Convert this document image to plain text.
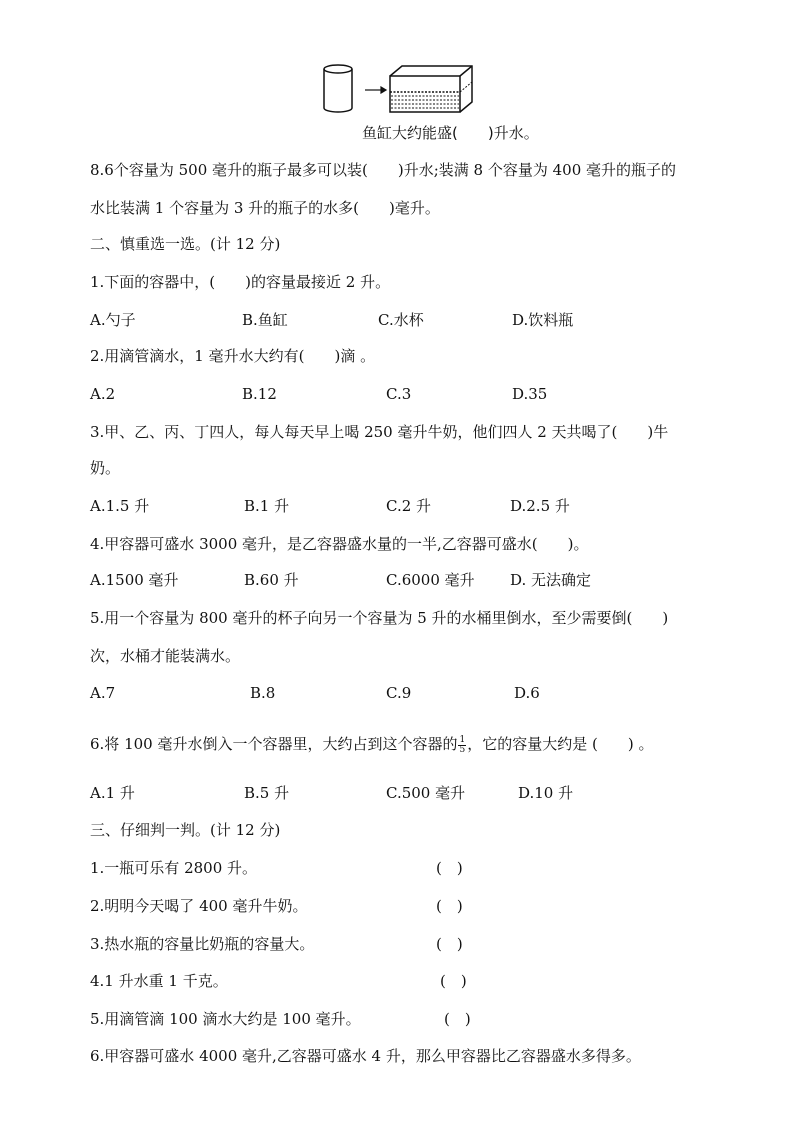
鱼缸大约能盛(　　)升水。
8.6个容量为 500 毫升的瓶子最多可以装(　　)升水;装满 8 个容量为 400 毫升的瓶子的
水比装满 1 个容量为 3 升的瓶子的水多(　　)毫升。
二、慎重选一选。(计 12 分)
1.下面的容器中，(　　)的容量最接近 2 升。
A.勺子	B.鱼缸	C.水杯	D.饮料瓶
2.用滴管滴水，1 毫升水大约有(　　)滴 。
A.2	B.12	C.3	D.35
3.甲、乙、丙、丁四人，每人每天早上喝 250 毫升牛奶，他们四人 2 天共喝了(　　)牛
奶。
A.1.5 升	B.1 升	C.2 升	D.2.5 升
4.甲容器可盛水 3000 毫升，是乙容器盛水量的一半,乙容器可盛水(　　)。
A.1500 毫升	B.60 升	C.6000 毫升 D. 无法确定
5.用一个容量为 800 毫升的杯子向另一个容量为 5 升的水桶里倒水，至少需要倒(　　)
次，水桶才能装满水。
A.7	B.8	C.9	D.6
6.将 100 毫升水倒入一个容器里，大约占到这个容器的 $\frac{1}{5}$ ，它的容量大约是 (　　) 。
A.1 升	B.5 升	C.500 毫升	D.10 升
三、仔细判一判。(计 12 分)
1.一瓶可乐有 2800 升。	(　)
2.明明今天喝了 400 毫升牛奶。	(　)
3.热水瓶的容量比奶瓶的容量大。	(　)
4.1 升水重 1 千克。	(　)
5.用滴管滴 100 滴水大约是 100 毫升。	(　)
6.甲容器可盛水 4000 毫升,乙容器可盛水 4 升，那么甲容器比乙容器盛水多得多。
